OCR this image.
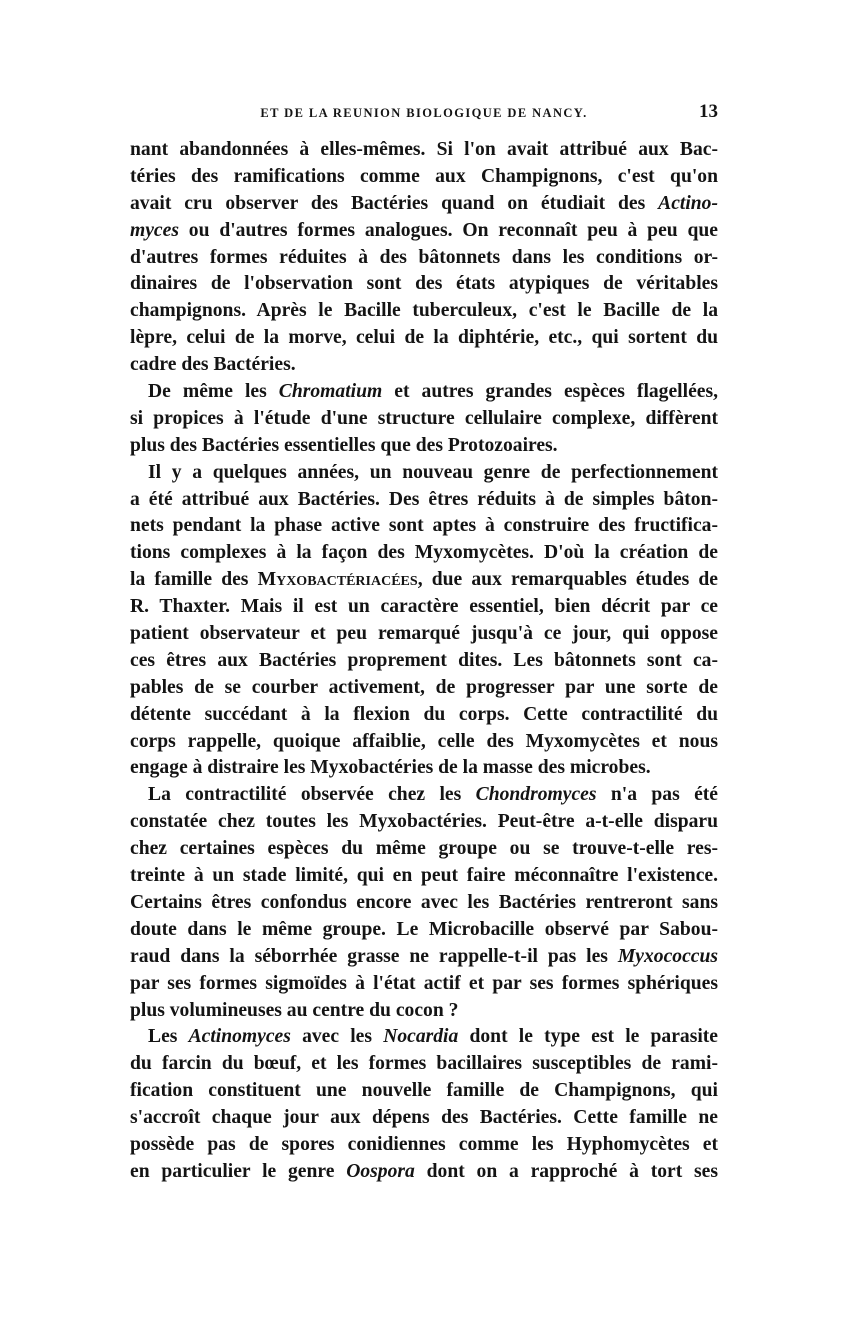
ET DE LA REUNION BIOLOGIQUE DE NANCY.	13
nant abandonnées à elles-mêmes. Si l'on avait attribué aux Bac-
téries des ramifications comme aux Champignons, c'est qu'on
avait cru observer des Bactéries quand on étudiait des Actino-
myces ou d'autres formes analogues. On reconnaît peu à peu que
d'autres formes réduites à des bâtonnets dans les conditions or-
dinaires de l'observation sont des états atypiques de véritables
champignons. Après le Bacille tuberculeux, c'est le Bacille de la
lèpre, celui de la morve, celui de la diphtérie, etc., qui sortent du
cadre des Bactéries.
De même les Chromatium et autres grandes espèces flagellées,
si propices à l'étude d'une structure cellulaire complexe, diffèrent
plus des Bactéries essentielles que des Protozoaires.
Il y a quelques années, un nouveau genre de perfectionnement
a été attribué aux Bactéries. Des êtres réduits à de simples bâton-
nets pendant la phase active sont aptes à construire des fructifica-
tions complexes à la façon des Myxomycètes. D'où la création de
la famille des Myxobactériacées, due aux remarquables études de
R. Thaxter. Mais il est un caractère essentiel, bien décrit par ce
patient observateur et peu remarqué jusqu'à ce jour, qui oppose
ces êtres aux Bactéries proprement dites. Les bâtonnets sont ca-
pables de se courber activement, de progresser par une sorte de
détente succédant à la flexion du corps. Cette contractilité du
corps rappelle, quoique affaiblie, celle des Myxomycètes et nous
engage à distraire les Myxobactéries de la masse des microbes.
La contractilité observée chez les Chondromyces n'a pas été
constatée chez toutes les Myxobactéries. Peut-être a-t-elle disparu
chez certaines espèces du même groupe ou se trouve-t-elle res-
treinte à un stade limité, qui en peut faire méconnaître l'existence.
Certains êtres confondus encore avec les Bactéries rentreront sans
doute dans le même groupe. Le Microbacille observé par Sabou-
raud dans la séborrhée grasse ne rappelle-t-il pas les Myxococcus
par ses formes sigmoïdes à l'état actif et par ses formes sphériques
plus volumineuses au centre du cocon ?
Les Actinomyces avec les Nocardia dont le type est le parasite
du farcin du bœuf, et les formes bacillaires susceptibles de rami-
fication constituent une nouvelle famille de Champignons, qui
s'accroît chaque jour aux dépens des Bactéries. Cette famille ne
possède pas de spores conidiennes comme les Hyphomycètes et
en particulier le genre Oospora dont on a rapproché à tort ses
